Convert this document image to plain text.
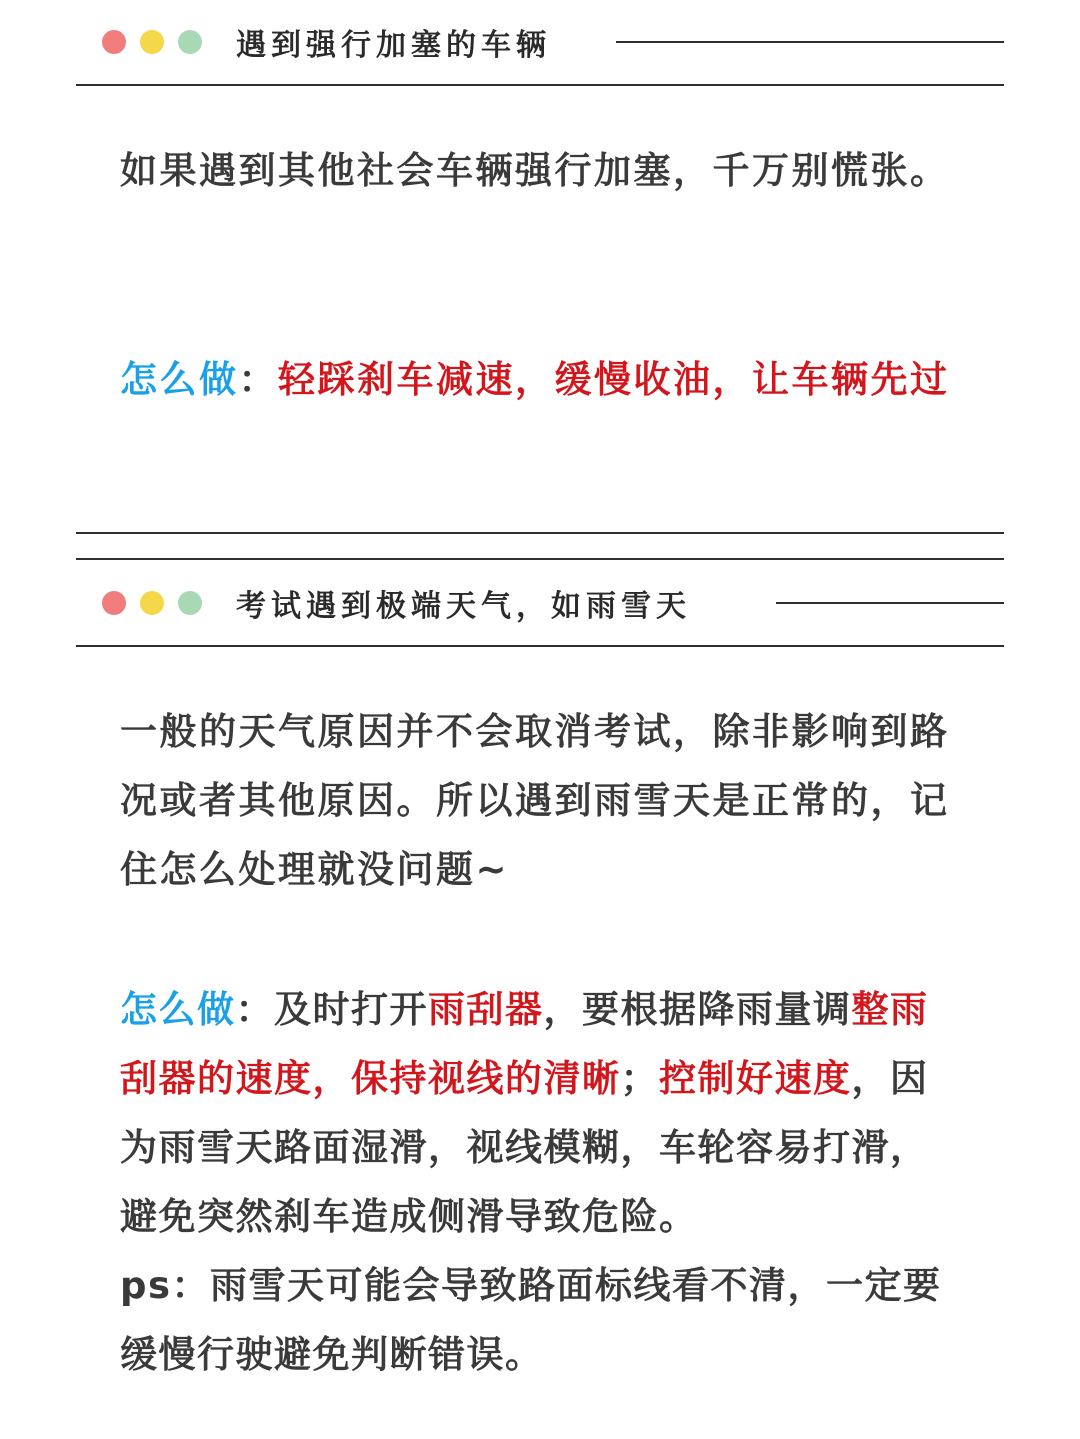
遇到强行加塞的车辆
如果遇到其他社会车辆强行加塞，千万别慌张。
怎么做：轻踩刹车减速，缓慢收油，让车辆先过
考试遇到极端天气，如雨雪天
一般的天气原因并不会取消考试，除非影响到路况或者其他原因。所以遇到雨雪天是正常的，记住怎么处理就没问题~
怎么做：及时打开雨刮器，要根据降雨量调整雨刮器的速度，保持视线的清晰；控制好速度，因为雨雪天路面湿滑，视线模糊，车轮容易打滑，避免突然刹车造成侧滑导致危险。
ps：雨雪天可能会导致路面标线看不清，一定要缓慢行驶避免判断错误。
